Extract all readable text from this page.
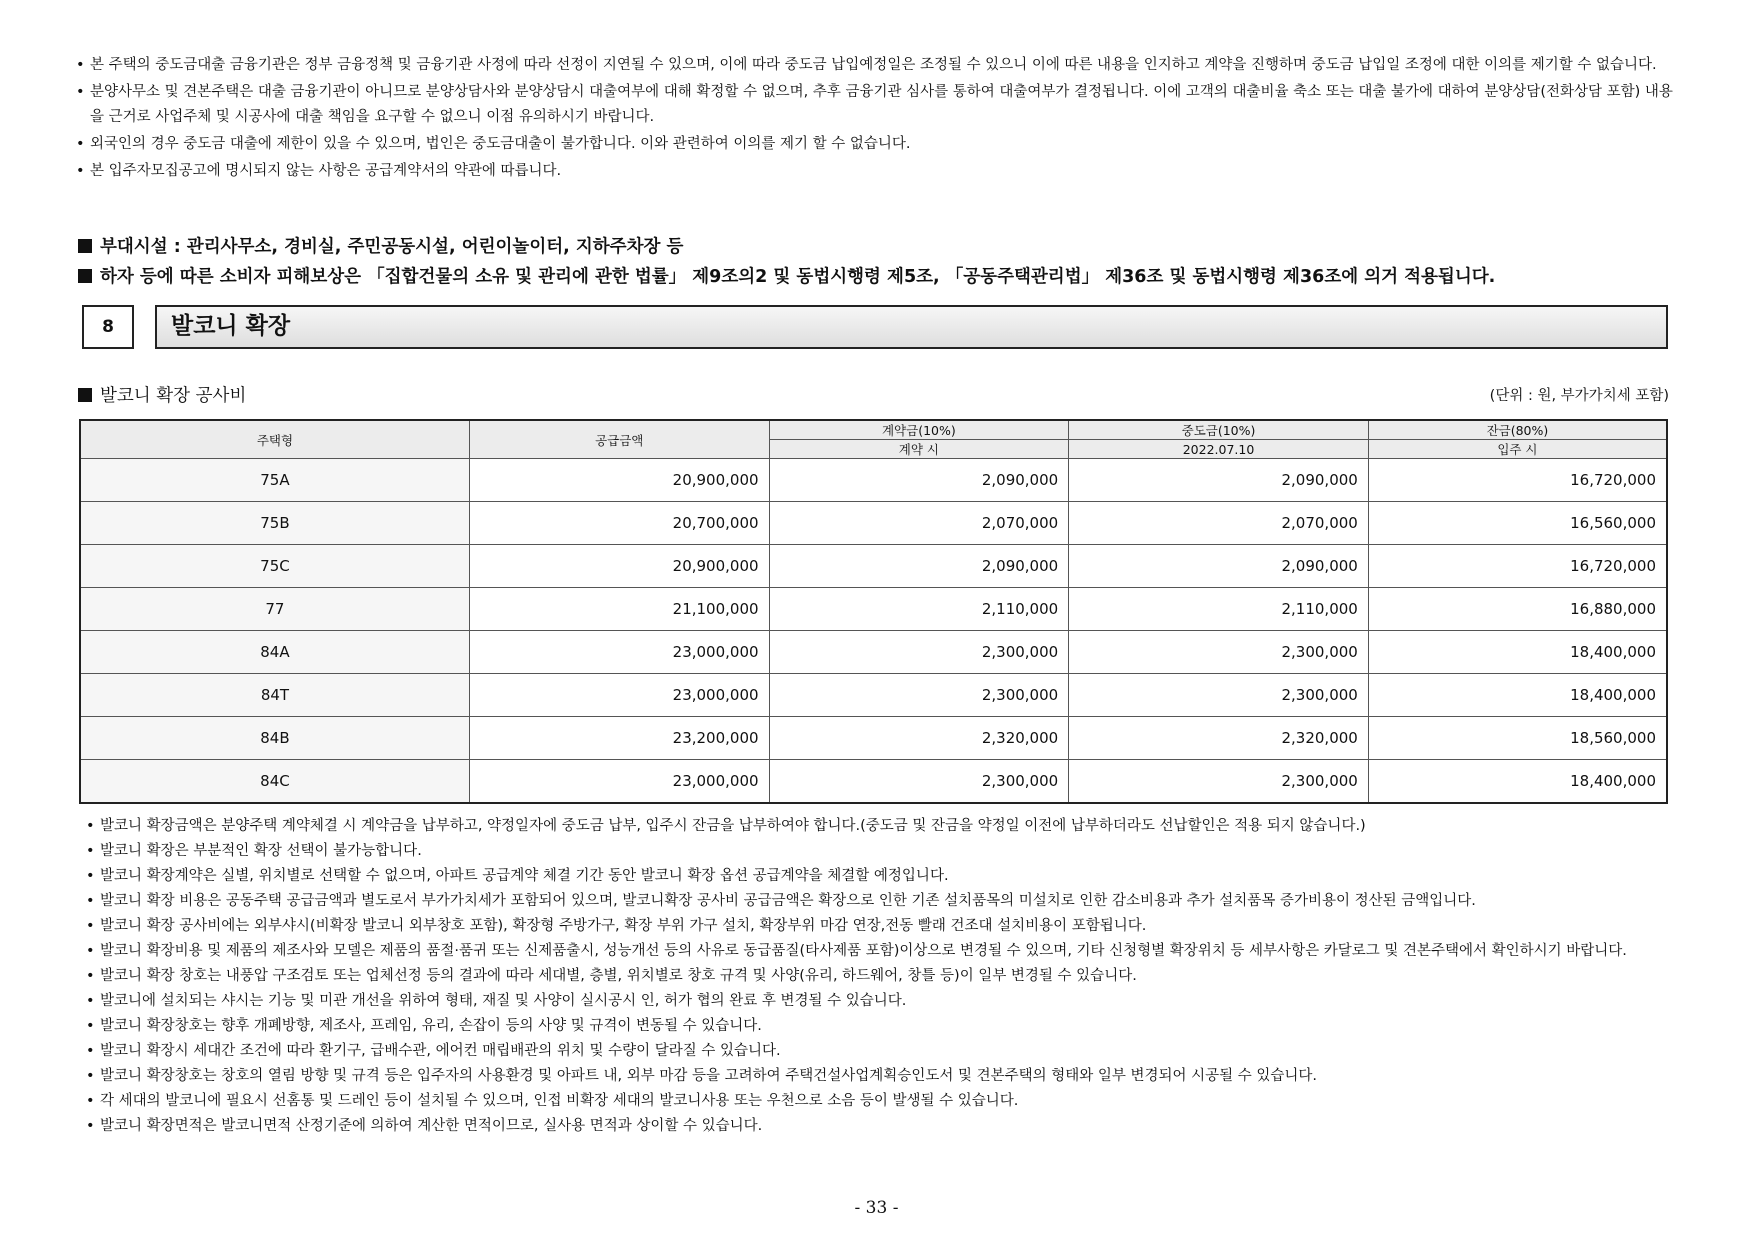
• 본 주택의 중도금대출 금융기관은 정부 금융정책 및 금융기관 사정에 따라 선정이 지연될 수 있으며, 이에 따라 중도금 납입예정일은 조정될 수 있으니 이에 따른 내용을 인지하고 계약을 진행하며 중도금 납입일 조정에 대한 이의를 제기할 수 없습니다.
• 분양사무소 및 견본주택은 대출 금융기관이 아니므로 분양상담사와 분양상담시 대출여부에 대해 확정할 수 없으며, 추후 금융기관 심사를 통하여 대출여부가 결정됩니다. 이에 고객의 대출비율 축소 또는 대출 불가에 대하여 분양상담(전화상담 포함) 내용을 근거로 사업주체 및 시공사에 대출 책임을 요구할 수 없으니 이점 유의하시기 바랍니다.
• 외국인의 경우 중도금 대출에 제한이 있을 수 있으며, 법인은 중도금대출이 불가합니다. 이와 관련하여 이의를 제기 할 수 없습니다.
• 본 입주자모집공고에 명시되지 않는 사항은 공급계약서의 약관에 따릅니다.
부대시설 : 관리사무소, 경비실, 주민공동시설, 어린이놀이터, 지하주차장 등
하자 등에 따른 소비자 피해보상은 「집합건물의 소유 및 관리에 관한 법률」 제9조의2 및 동법시행령 제5조, 「공동주택관리법」 제36조 및 동법시행령 제36조에 의거 적용됩니다.
8	발코니 확장
발코니 확장 공사비	(단위 : 원, 부가가치세 포함)
주택형	공급금액	계약금(10%)	중도금(10%)	잔금(80%)
		계약 시	2022.07.10	입주 시
75A	20,900,000	2,090,000	2,090,000	16,720,000
75B	20,700,000	2,070,000	2,070,000	16,560,000
75C	20,900,000	2,090,000	2,090,000	16,720,000
77	21,100,000	2,110,000	2,110,000	16,880,000
84A	23,000,000	2,300,000	2,300,000	18,400,000
84T	23,000,000	2,300,000	2,300,000	18,400,000
84B	23,200,000	2,320,000	2,320,000	18,560,000
84C	23,000,000	2,300,000	2,300,000	18,400,000
• 발코니 확장금액은 분양주택 계약체결 시 계약금을 납부하고, 약정일자에 중도금 납부, 입주시 잔금을 납부하여야 합니다.(중도금 및 잔금을 약정일 이전에 납부하더라도 선납할인은 적용 되지 않습니다.)
• 발코니 확장은 부분적인 확장 선택이 불가능합니다.
• 발코니 확장계약은 실별, 위치별로 선택할 수 없으며, 아파트 공급계약 체결 기간 동안 발코니 확장 옵션 공급계약을 체결할 예정입니다.
• 발코니 확장 비용은 공동주택 공급금액과 별도로서 부가가치세가 포함되어 있으며, 발코니확장 공사비 공급금액은 확장으로 인한 기존 설치품목의 미설치로 인한 감소비용과 추가 설치품목 증가비용이 정산된 금액입니다.
• 발코니 확장 공사비에는 외부샤시(비확장 발코니 외부창호 포함), 확장형 주방가구, 확장 부위 가구 설치, 확장부위 마감 연장,전동 빨래 건조대 설치비용이 포함됩니다.
• 발코니 확장비용 및 제품의 제조사와 모델은 제품의 품절·품귀 또는 신제품출시, 성능개선 등의 사유로 동급품질(타사제품 포함)이상으로 변경될 수 있으며, 기타 신청형별 확장위치 등 세부사항은 카달로그 및 견본주택에서 확인하시기 바랍니다.
• 발코니 확장 창호는 내풍압 구조검토 또는 업체선정 등의 결과에 따라 세대별, 층별, 위치별로 창호 규격 및 사양(유리, 하드웨어, 창틀 등)이 일부 변경될 수 있습니다.
• 발코니에 설치되는 샤시는 기능 및 미관 개선을 위하여 형태, 재질 및 사양이 실시공시 인, 허가 협의 완료 후 변경될 수 있습니다.
• 발코니 확장창호는 향후 개폐방향, 제조사, 프레임, 유리, 손잡이 등의 사양 및 규격이 변동될 수 있습니다.
• 발코니 확장시 세대간 조건에 따라 환기구, 급배수관, 에어컨 매립배관의 위치 및 수량이 달라질 수 있습니다.
• 발코니 확장창호는 창호의 열림 방향 및 규격 등은 입주자의 사용환경 및 아파트 내, 외부 마감 등을 고려하여 주택건설사업계획승인도서 및 견본주택의 형태와 일부 변경되어 시공될 수 있습니다.
• 각 세대의 발코니에 필요시 선홈통 및 드레인 등이 설치될 수 있으며, 인접 비확장 세대의 발코니사용 또는 우천으로 소음 등이 발생될 수 있습니다.
• 발코니 확장면적은 발코니면적 산정기준에 의하여 계산한 면적이므로, 실사용 면적과 상이할 수 있습니다.
- 33 -
